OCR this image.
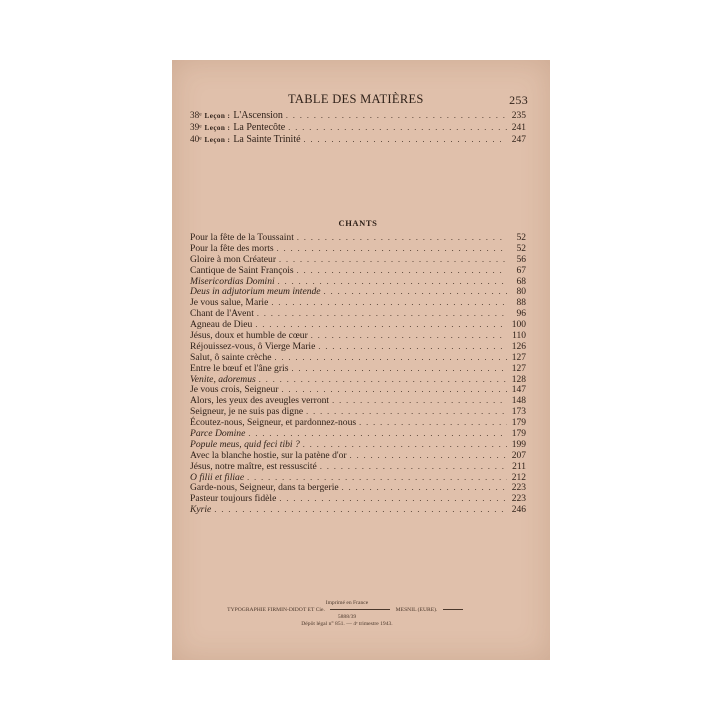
TABLE DES MATIÈRES	253
38ᵉ Leçon : L'Ascension . . .	235
39ᵉ Leçon : La Pentecôte . . .	241
40ᵉ Leçon : La Sainte Trinité . . .	247
CHANTS
Pour la fête de la Toussaint . . .	52
Pour la fête des morts . . .	52
Gloire à mon Créateur . . .	56
Cantique de Saint François . . .	67
Misericordias Domini . . .	68
Deus in adjutorium meum intende . . .	80
Je vous salue, Marie . . .	88
Chant de l'Avent . . .	96
Agneau de Dieu . . .	100
Jésus, doux et humble de cœur . . .	110
Réjouissez-vous, ô Vierge Marie . . .	126
Salut, ô sainte crèche . . .	127
Entre le bœuf et l'âne gris . . .	127
Venite, adoremus . . .	128
Je vous crois, Seigneur . . .	147
Alors, les yeux des aveugles verront . . .	148
Seigneur, je ne suis pas digne . . .	173
Écoutez-nous, Seigneur, et pardonnez-nous . . .	179
Parce Domine . . .	179
Popule meus, quid feci tibi ? . . .	199
Avec la blanche hostie, sur la patène d'or . . .	207
Jésus, notre maître, est ressuscité . . .	211
O filii et filiae . . .	212
Garde-nous, Seigneur, dans ta bergerie . . .	223
Pasteur toujours fidèle . . .	223
Kyrie . . .	246
Imprimé en France
TYPOGRAPHIE FIRMIN-DIDOT ET Cie.	MESNIL (EURE).  5888/39
Dépôt légal n° 851. — 4ᵉ trimestre 1943.
